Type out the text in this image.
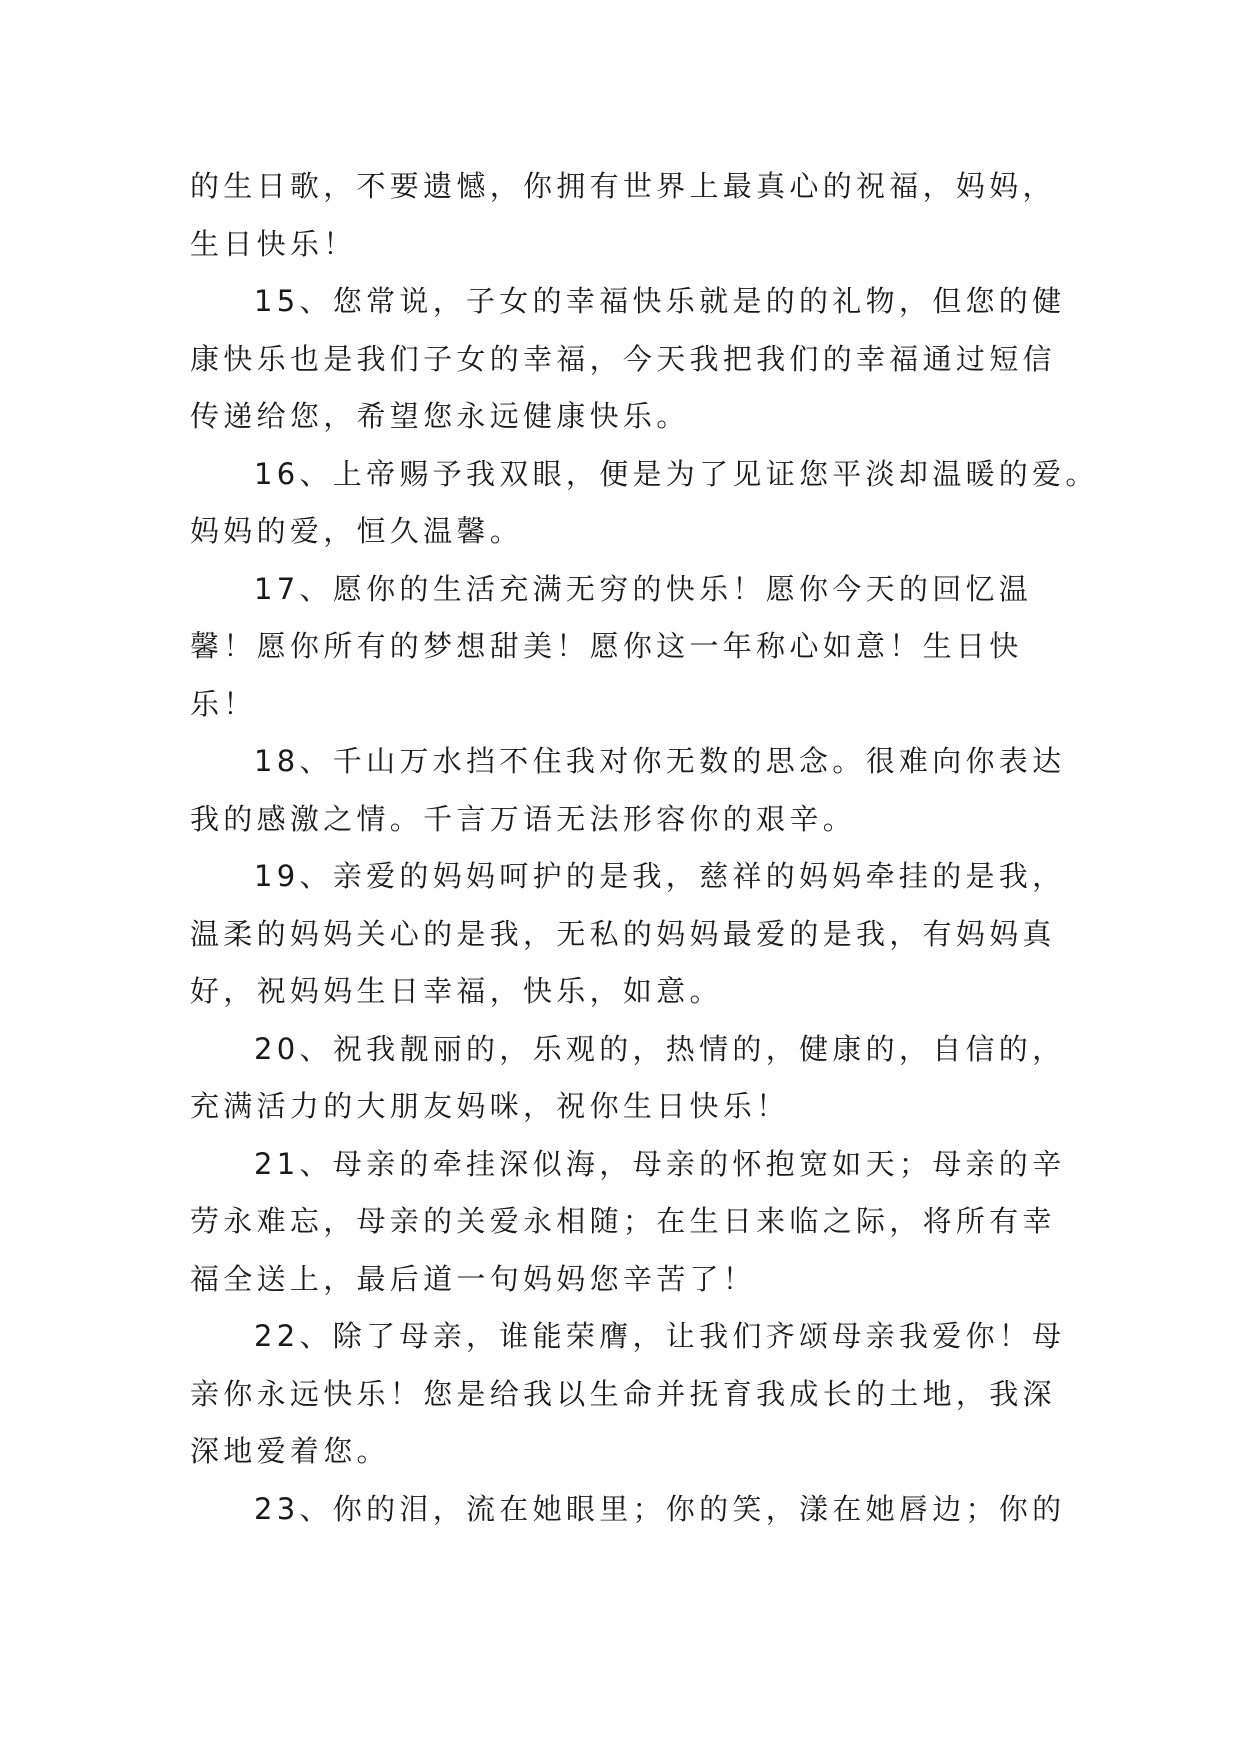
的生日歌，不要遗憾，你拥有世界上最真心的祝福，妈妈，
生日快乐！

15、您常说，子女的幸福快乐就是的的礼物，但您的健
康快乐也是我们子女的幸福，今天我把我们的幸福通过短信
传递给您，希望您永远健康快乐。

16、上帝赐予我双眼，便是为了见证您平淡却温暖的爱。
妈妈的爱，恒久温馨。

17、愿你的生活充满无穷的快乐！愿你今天的回忆温
馨！愿你所有的梦想甜美！愿你这一年称心如意！生日快
乐！

18、千山万水挡不住我对你无数的思念。很难向你表达
我的感激之情。千言万语无法形容你的艰辛。

19、亲爱的妈妈呵护的是我，慈祥的妈妈牵挂的是我，
温柔的妈妈关心的是我，无私的妈妈最爱的是我，有妈妈真
好，祝妈妈生日幸福，快乐，如意。

20、祝我靓丽的，乐观的，热情的，健康的，自信的，
充满活力的大朋友妈咪，祝你生日快乐！

21、母亲的牵挂深似海，母亲的怀抱宽如天；母亲的辛
劳永难忘，母亲的关爱永相随；在生日来临之际，将所有幸
福全送上，最后道一句妈妈您辛苦了！

22、除了母亲，谁能荣膺，让我们齐颂母亲我爱你！母
亲你永远快乐！您是给我以生命并抚育我成长的土地，我深
深地爱着您。

23、你的泪，流在她眼里；你的笑，漾在她唇边；你的
